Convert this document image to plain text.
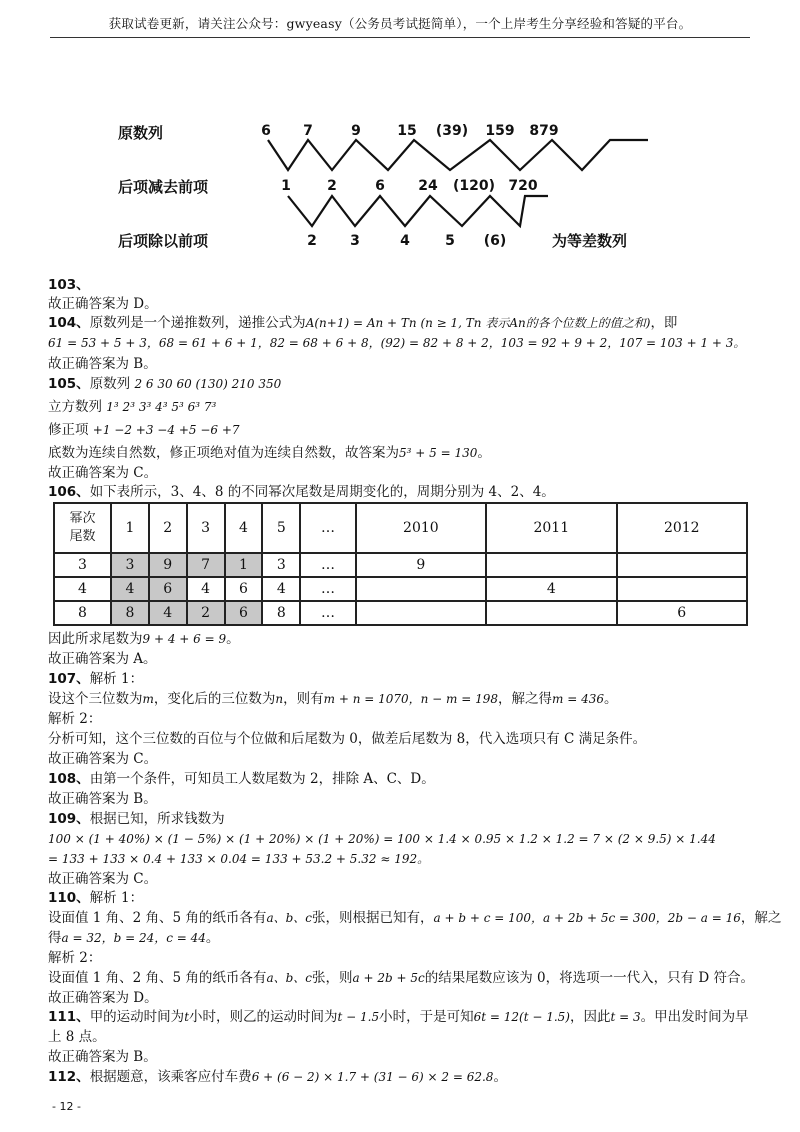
获取试卷更新，请关注公众号：gwyeasy（公务员考试挺简单），一个上岸考生分享经验和答疑的平台。
原数列
后项减去前项
后项除以前项
6 7	9	15 (39) 159 879
1	2	6 24 (120) 720
2 3	4	5 (6)	为等差数列
103、
故正确答案为 D。
104、原数列是一个递推数列，递推公式为A(n+1) = An + Tn (n ≥ 1, Tn 表示An的各个位数上的值之和)，即
61 = 53 + 5 + 3，68 = 61 + 6 + 1，82 = 68 + 6 + 8，(92) = 82 + 8 + 2，103 = 92 + 9 + 2，107 = 103 + 1 + 3。
故正确答案为 B。
105、原数列 2 6 30 60 (130) 210 350
立方数列 1³ 2³ 3³ 4³ 5³ 6³ 7³
修正项 +1 −2 +3 −4 +5 −6 +7
底数为连续自然数，修正项绝对值为连续自然数，故答案为5³ + 5 = 130。
故正确答案为 C。
106、如下表所示，3、4、8 的不同幂次尾数是周期变化的，周期分别为 4、2、4。
幂次
尾数	1	2	3	4	5	…	2010	2011	2012
3	3	9	7	1	3	…	9		
4	4	6	4	6	4	…		4	
8	8	4	2	6	8	…			6
因此所求尾数为9 + 4 + 6 = 9。
故正确答案为 A。
107、解析 1：
设这个三位数为m，变化后的三位数为n，则有m + n = 1070，n − m = 198，解之得m = 436。
解析 2：
分析可知，这个三位数的百位与个位做和后尾数为 0，做差后尾数为 8，代入选项只有 C 满足条件。
故正确答案为 C。
108、由第一个条件，可知员工人数尾数为 2，排除 A、C、D。
故正确答案为 B。
109、根据已知，所求钱数为
100 × (1 + 40%) × (1 − 5%) × (1 + 20%) × (1 + 20%) = 100 × 1.4 × 0.95 × 1.2 × 1.2 = 7 × (2 × 9.5) × 1.44
= 133 + 133 × 0.4 + 133 × 0.04 = 133 + 53.2 + 5.32 ≈ 192。
故正确答案为 C。
110、解析 1：
设面值 1 角、2 角、5 角的纸币各有a、b、c张，则根据已知有，a + b + c = 100，a + 2b + 5c = 300，2b − a = 16，解之
得a = 32，b = 24，c = 44。
解析 2：
设面值 1 角、2 角、5 角的纸币各有a、b、c张，则a + 2b + 5c的结果尾数应该为 0，将选项一一代入，只有 D 符合。
故正确答案为 D。
111、甲的运动时间为t小时，则乙的运动时间为t − 1.5小时，于是可知6t = 12(t − 1.5)，因此t = 3。甲出发时间为早
上 8 点。
故正确答案为 B。
112、根据题意，该乘客应付车费6 + (6 − 2) × 1.7 + (31 − 6) × 2 = 62.8。
- 12 -
